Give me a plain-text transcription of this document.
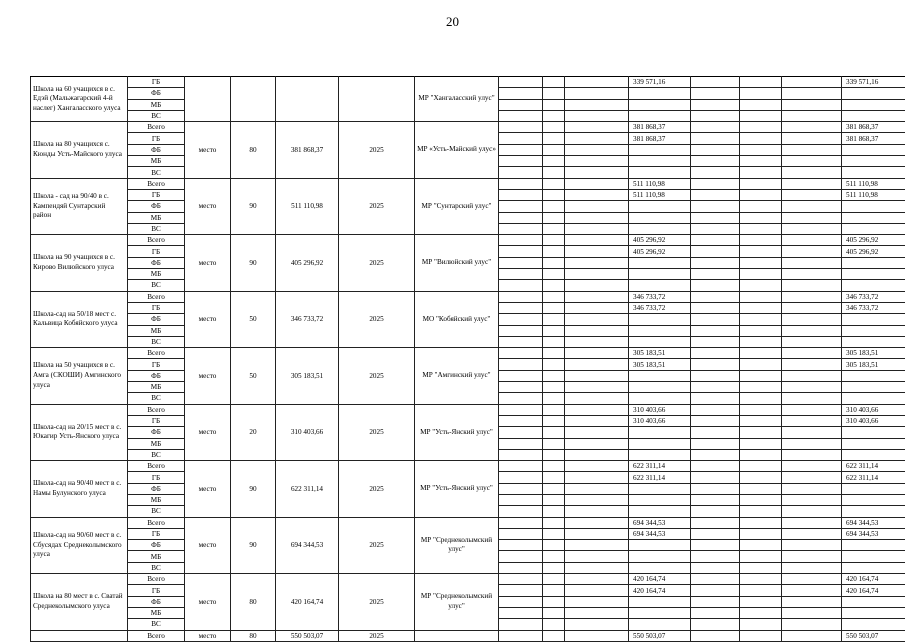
20
Школа на 60 учащихся в с. Едэй (Мальжагарский 4-й наслег) Хангаласского улуса	ГБ					МР "Хангаласский улус"				339 571,16				339 571,16
	ФБ													
	МБ													
	ВС													
Школа на 80 учащихся с. Кюнды Усть-Майского улуса	Всего	место	80	381 868,37	2025	МР «Усть-Майский улус»				381 868,37				381 868,37
	ГБ									381 868,37				381 868,37
	ФБ													
	МБ													
	ВС													
Школа - сад на 90/40 в с. Кампендяй Сунтарский район	Всего	место	90	511 110,98	2025	МР "Сунтарский улус"				511 110,98				511 110,98
	ГБ									511 110,98				511 110,98
	ФБ													
	МБ													
	ВС													
Школа на 90 учащихся в с. Кирово Вилюйского улуса	Всего	место	90	405 296,92	2025	МР "Вилюйский улус"				405 296,92				405 296,92
	ГБ									405 296,92				405 296,92
	ФБ													
	МБ													
	ВС													
Школа-сад на 50/18 мест с. Кальвица Кобяйского улуса	Всего	место	50	346 733,72	2025	МО "Кобяйский улус"				346 733,72				346 733,72
	ГБ									346 733,72				346 733,72
	ФБ													
	МБ													
	ВС													
Школа на 50 учащихся в с. Амга (СКОШИ) Амгинского улуса	Всего	место	50	305 183,51	2025	МР "Амгинский улус"				305 183,51				305 183,51
	ГБ									305 183,51				305 183,51
	ФБ													
	МБ													
	ВС													
Школа-сад на 20/15 мест в с. Юкагир Усть-Янского улуса	Всего	место	20	310 403,66	2025	МР "Усть-Янский улус"				310 403,66				310 403,66
	ГБ									310 403,66				310 403,66
	ФБ													
	МБ													
	ВС													
Школа-сад на 90/40 мест в с. Намы Булунского улуса	Всего	место	90	622 311,14	2025	МР "Усть-Янский улус"				622 311,14				622 311,14
	ГБ									622 311,14				622 311,14
	ФБ													
	МБ													
	ВС													
Школа-сад на 90/60 мест в с. Сбусядах Среднеколымского улуса	Всего	место	90	694 344,53	2025	МР "Среднеколымский улус"				694 344,53				694 344,53
	ГБ									694 344,53				694 344,53
	ФБ													
	МБ													
	ВС													
Школа на 80 мест в с. Сватай Среднеколымского улуса	Всего	место	80	420 164,74	2025	МР "Среднеколымский улус"				420 164,74				420 164,74
	ГБ									420 164,74				420 164,74
	ФБ													
	МБ													
	ВС													
	Всего	место	80	550 503,07	2025					550 503,07				550 503,07
